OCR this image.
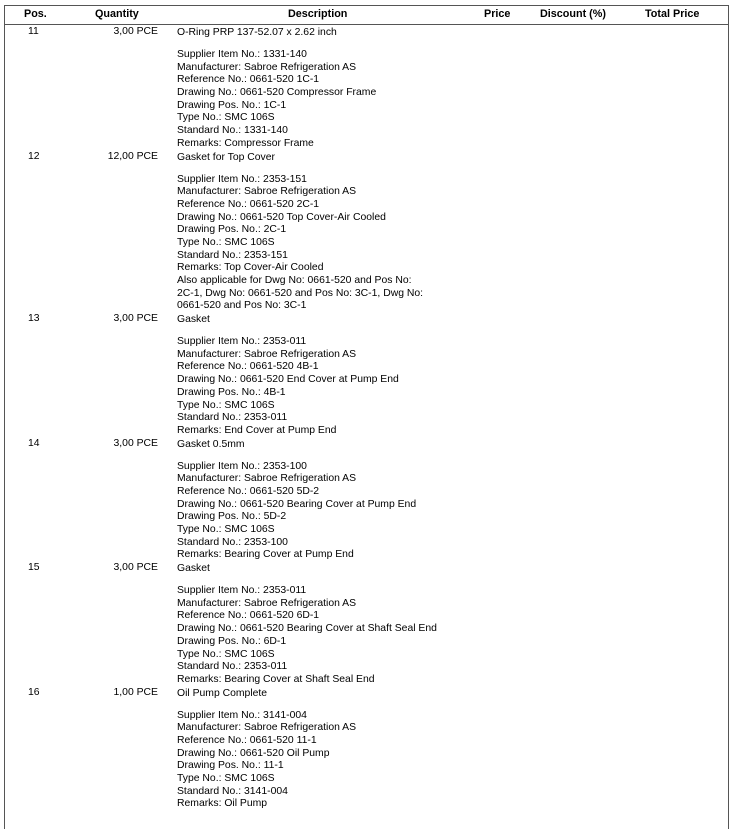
Pos.	Quantity	Description	Price	Discount (%)	Total Price
11	3,00 PCE O-Ring PRP 137-52.07 x 2.62 inch
Supplier Item No.: 1331-140
Manufacturer: Sabroe Refrigeration AS
Reference No.: 0661-520 1C-1
Drawing No.: 0661-520 Compressor Frame
Drawing Pos. No.: 1C-1
Type No.: SMC 106S
Standard No.: 1331-140
Remarks: Compressor Frame
12	12,00 PCE Gasket for Top Cover
Supplier Item No.: 2353-151
Manufacturer: Sabroe Refrigeration AS
Reference No.: 0661-520 2C-1
Drawing No.: 0661-520 Top Cover-Air Cooled
Drawing Pos. No.: 2C-1
Type No.: SMC 106S
Standard No.: 2353-151
Remarks: Top Cover-Air Cooled
Also applicable for Dwg No: 0661-520 and Pos No:
2C-1, Dwg No: 0661-520 and Pos No: 3C-1, Dwg No:
0661-520 and Pos No: 3C-1
13	3,00 PCE Gasket
Supplier Item No.: 2353-011
Manufacturer: Sabroe Refrigeration AS
Reference No.: 0661-520 4B-1
Drawing No.: 0661-520 End Cover at Pump End
Drawing Pos. No.: 4B-1
Type No.: SMC 106S
Standard No.: 2353-011
Remarks: End Cover at Pump End
14	3,00 PCE Gasket 0.5mm
Supplier Item No.: 2353-100
Manufacturer: Sabroe Refrigeration AS
Reference No.: 0661-520 5D-2
Drawing No.: 0661-520 Bearing Cover at Pump End
Drawing Pos. No.: 5D-2
Type No.: SMC 106S
Standard No.: 2353-100
Remarks: Bearing Cover at Pump End
15	3,00 PCE Gasket
Supplier Item No.: 2353-011
Manufacturer: Sabroe Refrigeration AS
Reference No.: 0661-520 6D-1
Drawing No.: 0661-520 Bearing Cover at Shaft Seal End
Drawing Pos. No.: 6D-1
Type No.: SMC 106S
Standard No.: 2353-011
Remarks: Bearing Cover at Shaft Seal End
16	1,00 PCE Oil Pump Complete
Supplier Item No.: 3141-004
Manufacturer: Sabroe Refrigeration AS
Reference No.: 0661-520 11-1
Drawing No.: 0661-520 Oil Pump
Drawing Pos. No.: 11-1
Type No.: SMC 106S
Standard No.: 3141-004
Remarks: Oil Pump
